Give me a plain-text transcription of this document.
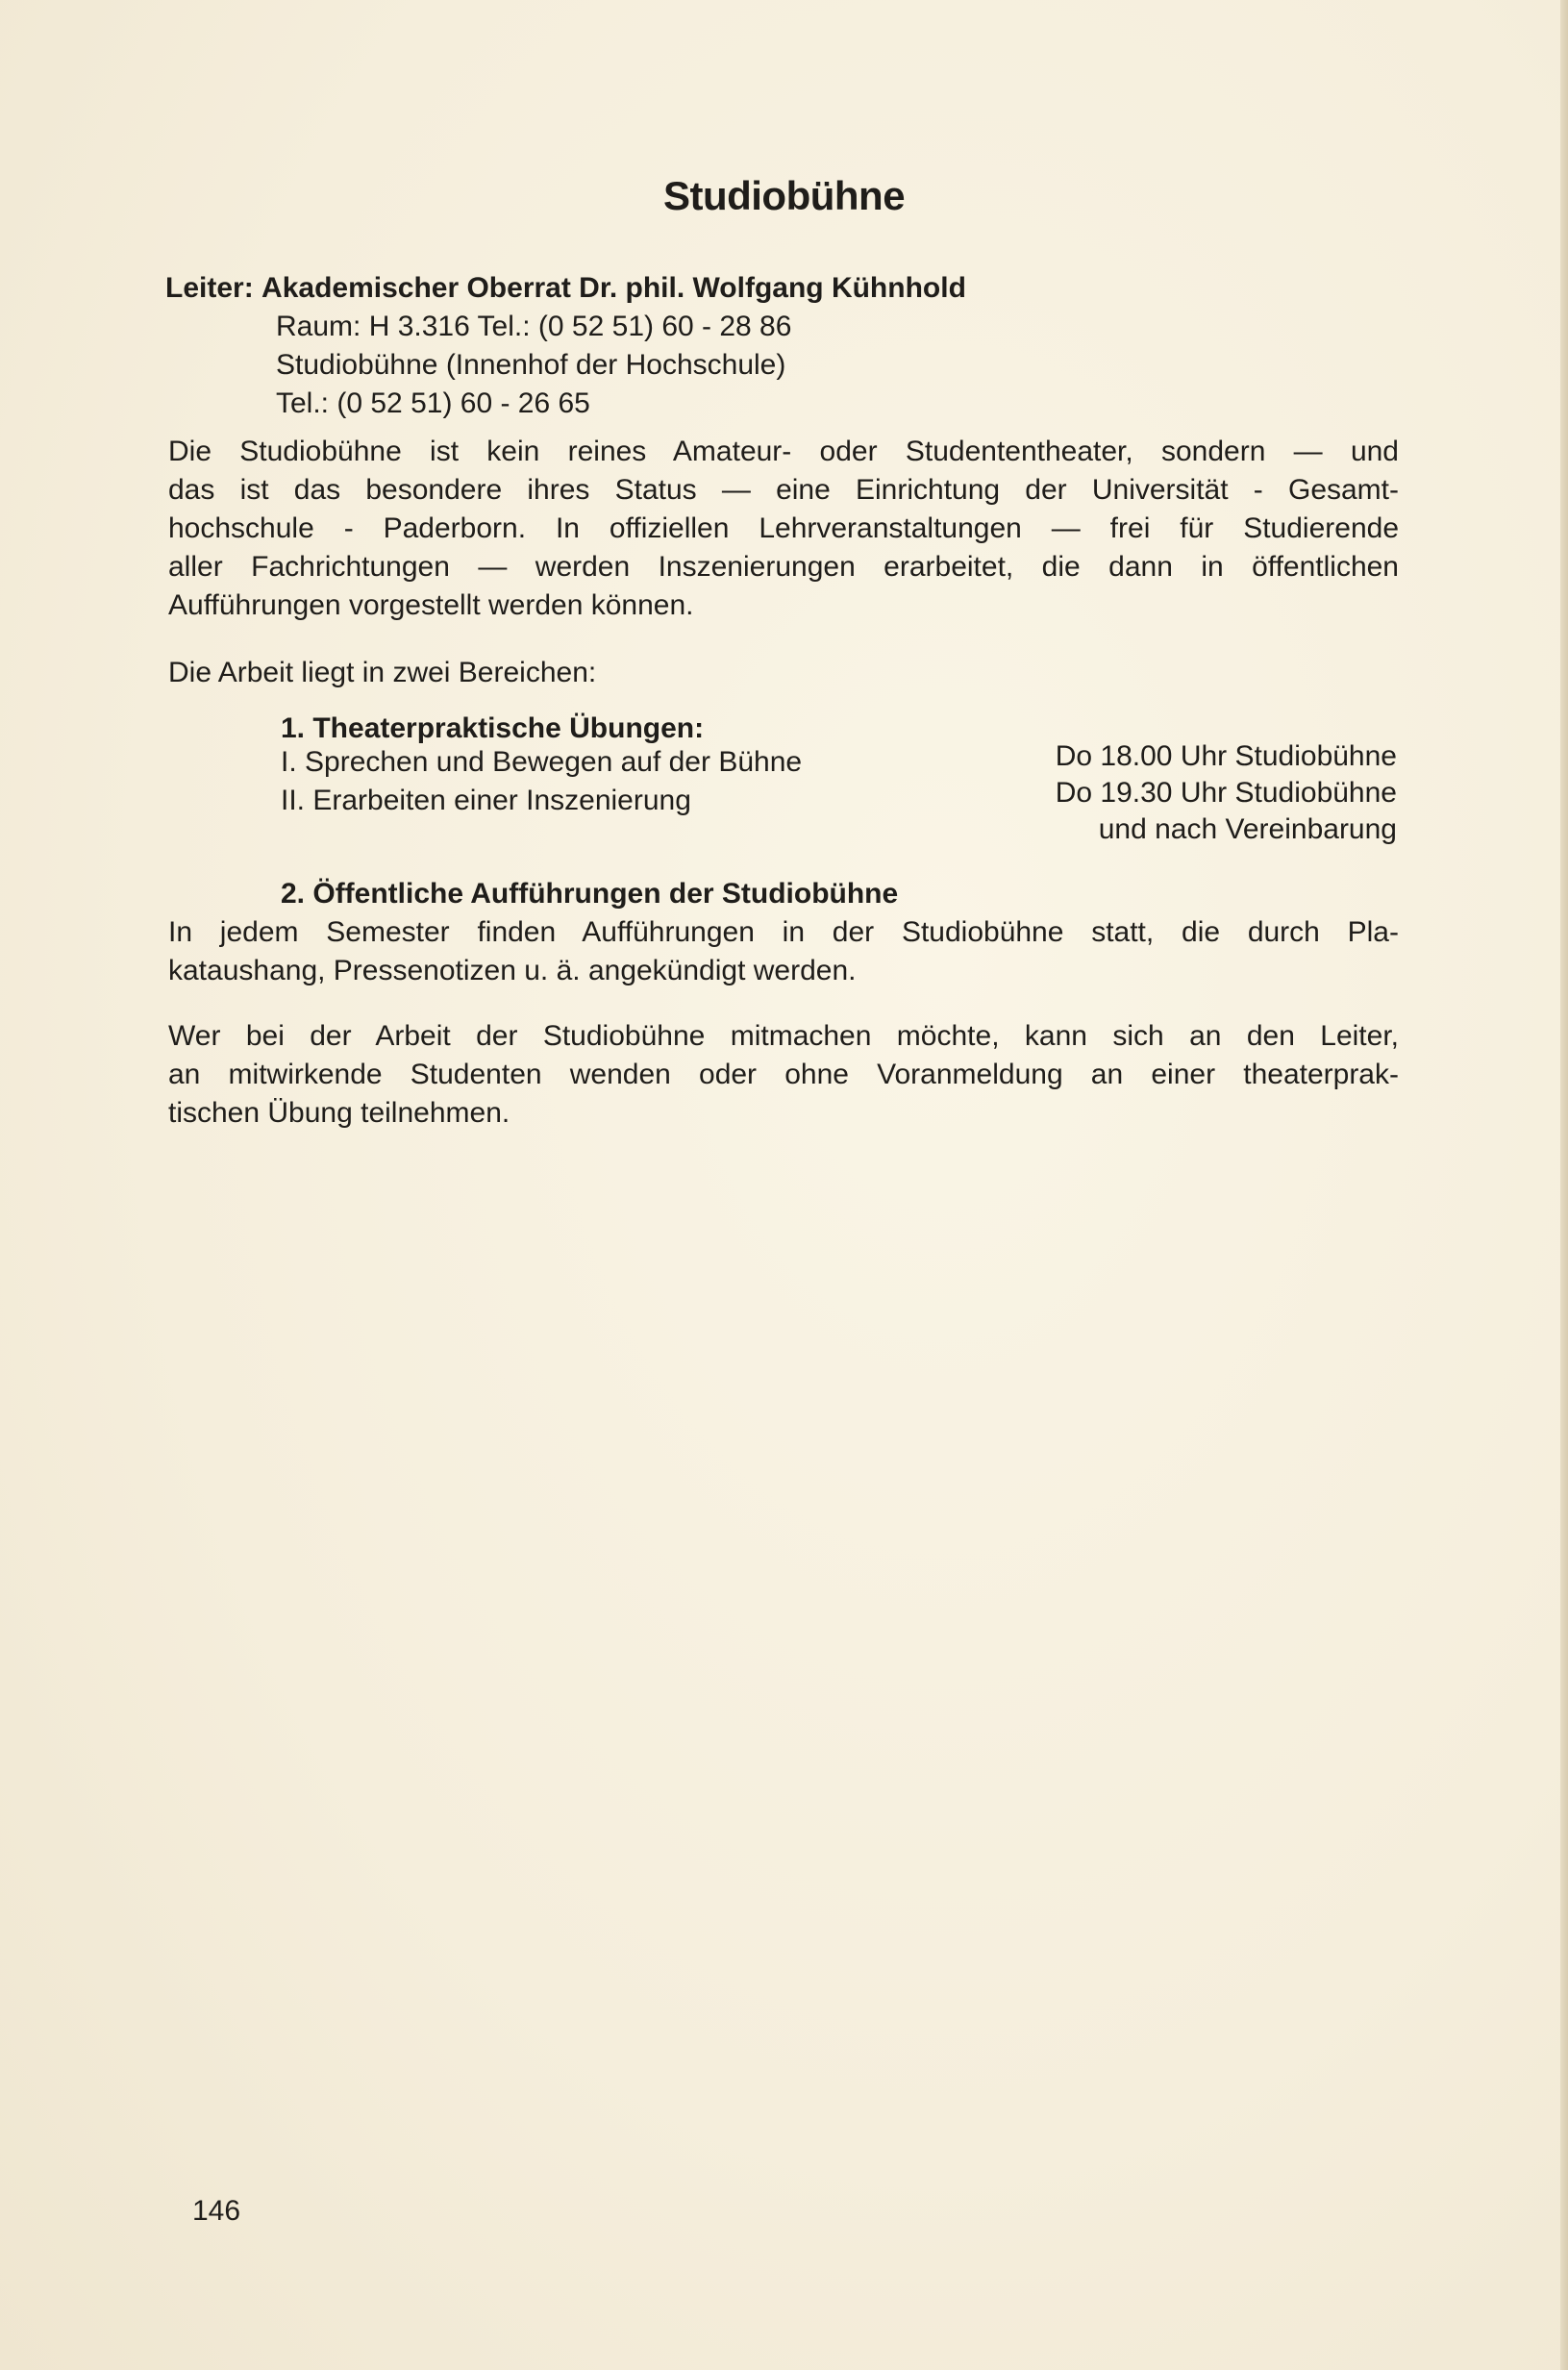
Studiobühne
Leiter: Akademischer Oberrat Dr. phil. Wolfgang Kühnhold
Raum: H 3.316 Tel.: (0 52 51) 60 - 28 86
Studiobühne (Innenhof der Hochschule)
Tel.: (0 52 51) 60 - 26 65
Die Studiobühne ist kein reines Amateur- oder Studententheater, sondern — und
das ist das besondere ihres Status — eine Einrichtung der Universität - Gesamt-
hochschule - Paderborn. In offiziellen Lehrveranstaltungen — frei für Studierende
aller Fachrichtungen — werden Inszenierungen erarbeitet, die dann in öffentlichen
Aufführungen vorgestellt werden können.
Die Arbeit liegt in zwei Bereichen:
1. Theaterpraktische Übungen:
I. Sprechen und Bewegen auf der Bühne
II. Erarbeiten einer Inszenierung
Do 18.00 Uhr Studiobühne
Do 19.30 Uhr Studiobühne
und nach Vereinbarung
2. Öffentliche Aufführungen der Studiobühne
In jedem Semester finden Aufführungen in der Studiobühne statt, die durch Pla-
kataushang, Pressenotizen u. ä. angekündigt werden.
Wer bei der Arbeit der Studiobühne mitmachen möchte, kann sich an den Leiter,
an mitwirkende Studenten wenden oder ohne Voranmeldung an einer theaterprak-
tischen Übung teilnehmen.
146
